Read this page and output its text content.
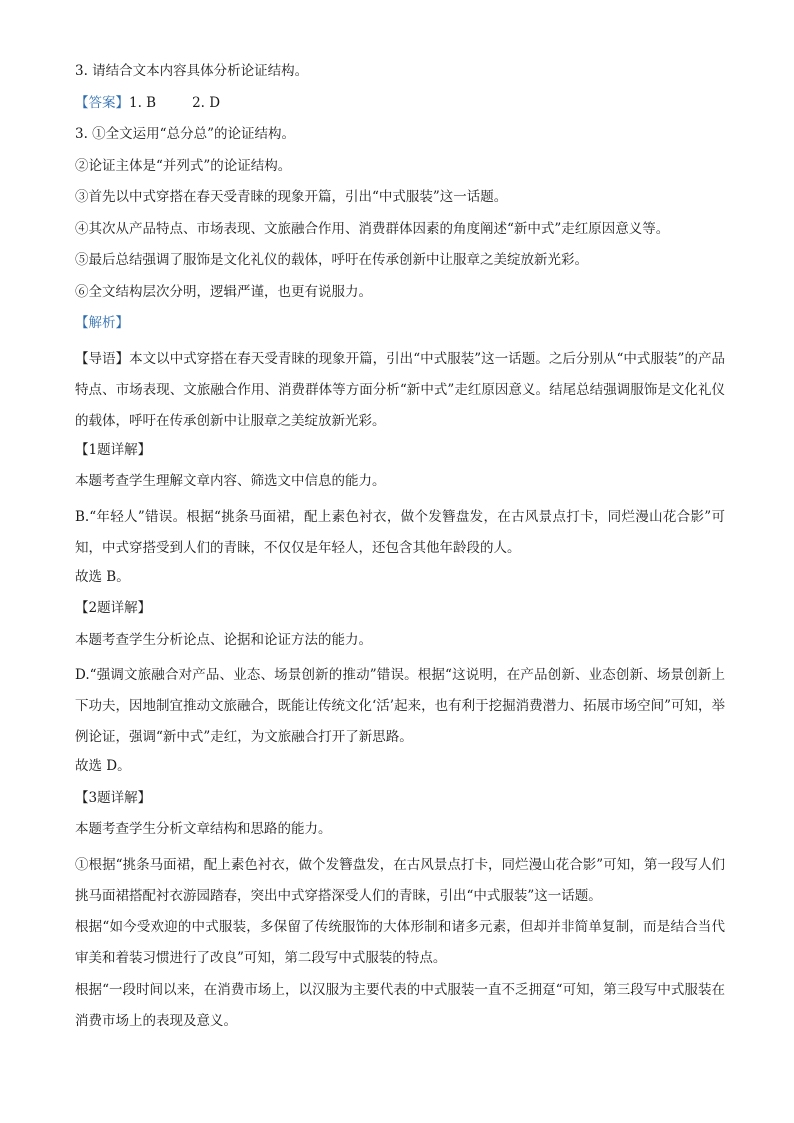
3. 请结合文本内容具体分析论证结构。

【答案】1. B	2. D

3. ①全文运用“总分总”的论证结构。

②论证主体是“并列式”的论证结构。

③首先以中式穿搭在春天受青睐的现象开篇，引出“中式服装”这一话题。

④其次从产品特点、市场表现、文旅融合作用、消费群体因素的角度阐述“新中式”走红原因意义等。

⑤最后总结强调了服饰是文化礼仪的载体，呼吁在传承创新中让服章之美绽放新光彩。

⑥全文结构层次分明，逻辑严谨，也更有说服力。

【解析】

【导语】本文以中式穿搭在春天受青睐的现象开篇，引出“中式服装”这一话题。之后分别从“中式服装”的产品特点、市场表现、文旅融合作用、消费群体等方面分析“新中式”走红原因意义。结尾总结强调服饰是文化礼仪的载体，呼吁在传承创新中让服章之美绽放新光彩。

【1题详解】

本题考查学生理解文章内容、筛选文中信息的能力。

B.“年轻人”错误。根据“挑条马面裙，配上素色衬衣，做个发簪盘发，在古风景点打卡，同烂漫山花合影”可知，中式穿搭受到人们的青睐，不仅仅是年轻人，还包含其他年龄段的人。

故选 B。

【2题详解】

本题考查学生分析论点、论据和论证方法的能力。

D.“强调文旅融合对产品、业态、场景创新的推动”错误。根据“这说明，在产品创新、业态创新、场景创新上下功夫，因地制宜推动文旅融合，既能让传统文化‘活’起来，也有利于挖掘消费潜力、拓展市场空间”可知，举例论证，强调“新中式”走红，为文旅融合打开了新思路。

故选 D。

【3题详解】

本题考查学生分析文章结构和思路的能力。

①根据“挑条马面裙，配上素色衬衣，做个发簪盘发，在古风景点打卡，同烂漫山花合影”可知，第一段写人们挑马面裙搭配衬衣游园踏春，突出中式穿搭深受人们的青睐，引出“中式服装”这一话题。

根据“如今受欢迎的中式服装，多保留了传统服饰的大体形制和诸多元素，但却并非简单复制，而是结合当代审美和着装习惯进行了改良”可知，第二段写中式服装的特点。

根据“一段时间以来，在消费市场上，以汉服为主要代表的中式服装一直不乏拥趸“可知，第三段写中式服装在消费市场上的表现及意义。
